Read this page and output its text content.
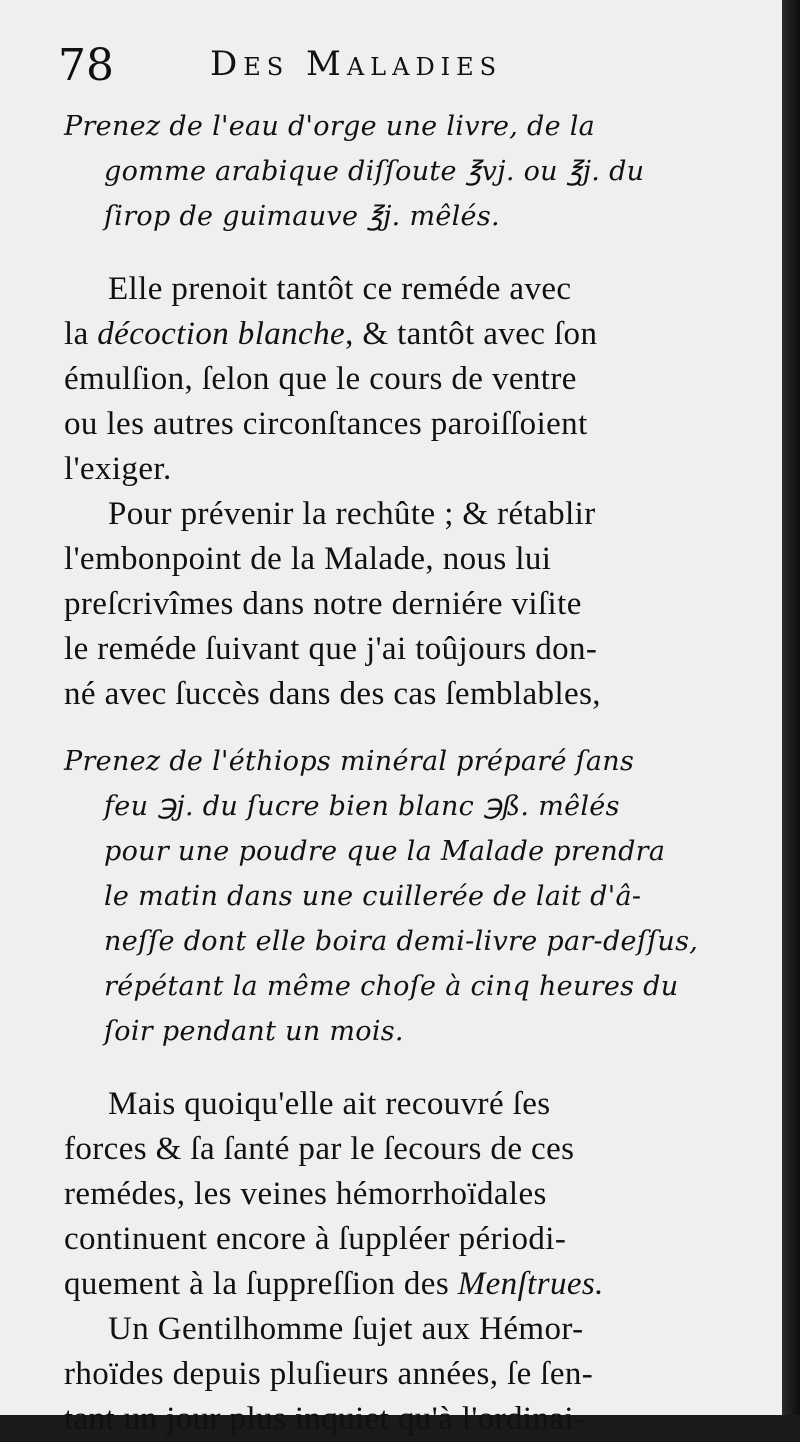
78	Des Maladies
Prenez de l'eau d'orge une livre, de la
gomme arabique diſſoute ℥vj. ou ℥j. du
ſirop de guimauve ℥j. mêlés.
Elle prenoit tantôt ce reméde avec
la décoction blanche, & tantôt avec ſon
émulſion, ſelon que le cours de ventre
ou les autres circonſtances paroiſſoient
l'exiger.
Pour prévenir la rechûte ; & rétablir
l'embonpoint de la Malade, nous lui
preſcrivîmes dans notre derniére viſite
le reméde ſuivant que j'ai toûjours don-
né avec ſuccès dans des cas ſemblables,
Prenez de l'éthiops minéral préparé ſans
feu ℈j. du ſucre bien blanc ℈ß. mêlés
pour une poudre que la Malade prendra
le matin dans une cuillerée de lait d'â-
neſſe dont elle boira demi-livre par-deſſus,
répétant la même choſe à cinq heures du
ſoir pendant un mois.
Mais quoiqu'elle ait recouvré ſes
forces & ſa ſanté par le ſecours de ces
remédes, les veines hémorrhoïdales
continuent encore à ſuppléer périodi-
quement à la ſuppreſſion des Menſtrues.
Un Gentilhomme ſujet aux Hémor-
rhoïdes depuis pluſieurs années, ſe ſen-
tant un jour plus inquiet qu'à l'ordinai-
